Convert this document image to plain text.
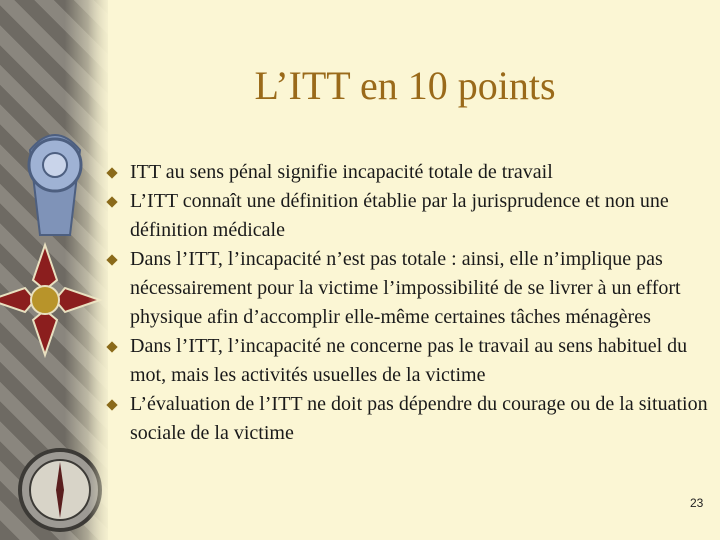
L’ITT en 10 points
ITT au sens pénal signifie incapacité totale de travail
L’ITT connaît une définition établie par la jurisprudence et non une définition médicale
Dans l’ITT, l’incapacité n’est pas totale : ainsi, elle n’implique pas nécessairement pour la victime l’impossibilité de se livrer à un effort physique afin d’accomplir elle-même certaines tâches ménagères
Dans l’ITT, l’incapacité ne concerne pas le travail au sens habituel du mot, mais les activités usuelles de la victime
L’évaluation de l’ITT ne doit pas dépendre du courage ou de la situation sociale de la victime
23
